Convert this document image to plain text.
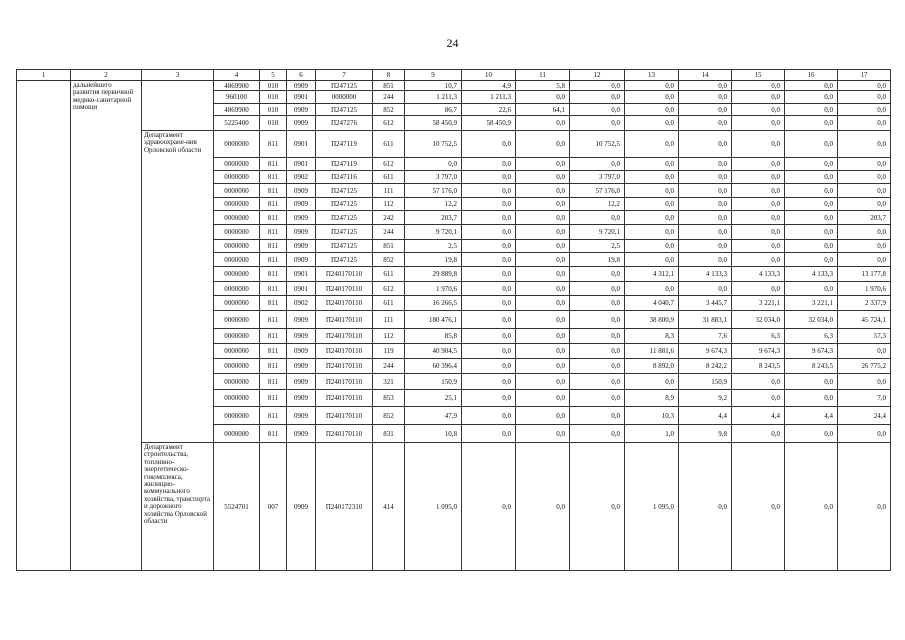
24
1	2	3	4	5	6	7	8	9	10	11	12	13	14	15	16	17
	дальнейшего развития первичной медико-санитарной помощи		4869900	010	0909	П247125	851	10,7	4,9	5,8	0,0	0,0	0,0	0,0	0,0	0,0
			960100	010	0901	0000000	244	1 211,3	1 211,3	0,0	0,0	0,0	0,0	0,0	0,0	0,0
			4869900	010	0909	П247125	852	86,7	22,6	64,1	0,0	0,0	0,0	0,0	0,0	0,0
			5225400	010	0909	П247276	612	58 450,9	58 450,9	0,0	0,0	0,0	0,0	0,0	0,0	0,0
		Департамент здравоохране-ния Орловской области	0000000	811	0901	П247119	611	10 752,5	0,0	0,0	10 752,5	0,0	0,0	0,0	0,0	0,0
			0000000	811	0901	П247119	612	0,0	0,0	0,0	0,0	0,0	0,0	0,0	0,0	0,0
			0000000	811	0902	П247116	611	3 797,0	0,0	0,0	3 797,0	0,0	0,0	0,0	0,0	0,0
			0000000	811	0909	П247125	111	57 176,0	0,0	0,0	57 176,0	0,0	0,0	0,0	0,0	0,0
			0000000	811	0909	П247125	112	12,2	0,0	0,0	12,2	0,0	0,0	0,0	0,0	0,0
			0000000	811	0909	П247125	242	203,7	0,0	0,0	0,0	0,0	0,0	0,0	0,0	203,7
			0000000	811	0909	П247125	244	9 720,1	0,0	0,0	9 720,1	0,0	0,0	0,0	0,0	0,0
			0000000	811	0909	П247125	851	2,5	0,0	0,0	2,5	0,0	0,0	0,0	0,0	0,0
			0000000	811	0909	П247125	852	19,8	0,0	0,0	19,8	0,0	0,0	0,0	0,0	0,0
			0000000	811	0901	П240170110	611	29 889,8	0,0	0,0	0,0	4 312,1	4 133,3	4 133,3	4 133,3	13 177,8
			0000000	811	0901	П240170110	612	1 970,6	0,0	0,0	0,0	0,0	0,0	0,0	0,0	1 970,6
			0000000	811	0902	П240170110	611	16 266,5	0,0	0,0	0,0	4 040,7	3 445,7	3 221,1	3 221,1	2 337,9
			0000000	811	0909	П240170110	111	180 476,1	0,0	0,0	0,0	38 800,9	31 883,1	32 034,0	32 034,0	45 724,1
			0000000	811	0909	П240170110	112	85,8	0,0	0,0	0,0	8,3	7,6	6,3	6,3	57,3
			0000000	811	0909	П240170110	119	40 904,5	0,0	0,0	0,0	11 881,6	9 674,3	9 674,3	9 674,3	0,0
			0000000	811	0909	П240170110	244	60 396,4	0,0	0,0	0,0	8 892,0	8 242,2	8 243,5	8 243,5	26 775,2
			0000000	811	0909	П240170110	321	150,9	0,0	0,0	0,0	0,0	150,9	0,0	0,0	0,0
			0000000	811	0909	П240170110	853	25,1	0,0	0,0	0,0	8,9	9,2	0,0	0,0	7,0
			0000000	811	0909	П240170110	852	47,9	0,0	0,0	0,0	10,3	4,4	4,4	4,4	24,4
			0000000	811	0909	П240170110	831	10,8	0,0	0,0	0,0	1,0	9,8	0,0	0,0	0,0
		Департамент строительства, топливно-энергетическо-гокомплекса, жилищно-коммунального хозяйства, транспорта и дорожного хозяйства Орловской области	5524701	007	0909	П240172310	414	1 095,0	0,0	0,0	0,0	1 095,0	0,0	0,0	0,0	0,0
